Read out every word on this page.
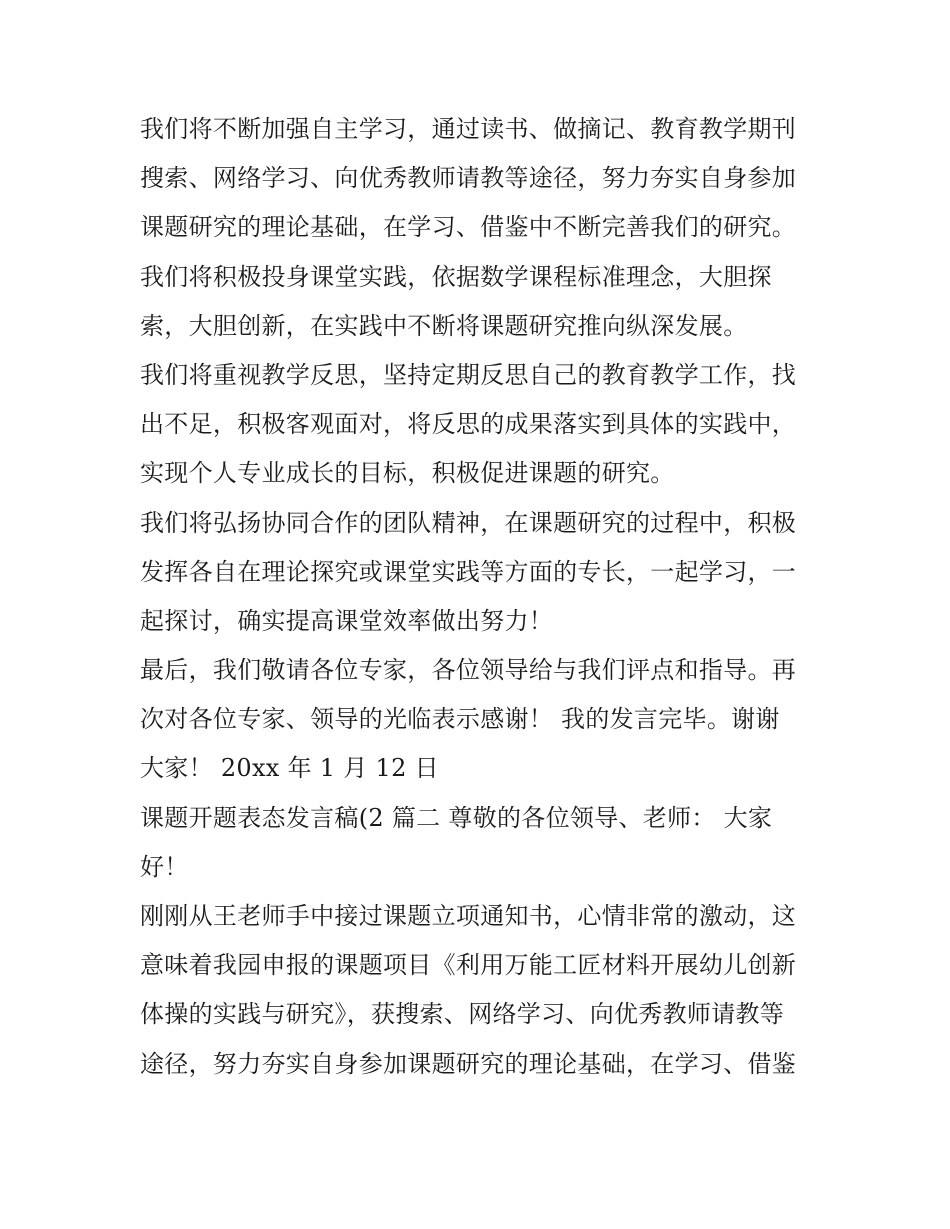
我们将不断加强自主学习，通过读书、做摘记、教育教学期刊
搜索、网络学习、向优秀教师请教等途径，努力夯实自身参加
课题研究的理论基础，在学习、借鉴中不断完善我们的研究。
我们将积极投身课堂实践，依据数学课程标准理念，大胆探
索，大胆创新，在实践中不断将课题研究推向纵深发展。
我们将重视教学反思，坚持定期反思自己的教育教学工作，找
出不足，积极客观面对，将反思的成果落实到具体的实践中，
实现个人专业成长的目标，积极促进课题的研究。
我们将弘扬协同合作的团队精神，在课题研究的过程中，积极
发挥各自在理论探究或课堂实践等方面的专长，一起学习，一
起探讨，确实提高课堂效率做出努力！
最后，我们敬请各位专家，各位领导给与我们评点和指导。再
次对各位专家、领导的光临表示感谢！ 我的发言完毕。谢谢
大家！ 20xx 年 1 月 12 日
课题开题表态发言稿(2 篇二 尊敬的各位领导、老师： 大家
好！
刚刚从王老师手中接过课题立项通知书，心情非常的激动，这
意味着我园申报的课题项目《利用万能工匠材料开展幼儿创新
体操的实践与研究》，获搜索、网络学习、向优秀教师请教等
途径，努力夯实自身参加课题研究的理论基础，在学习、借鉴
